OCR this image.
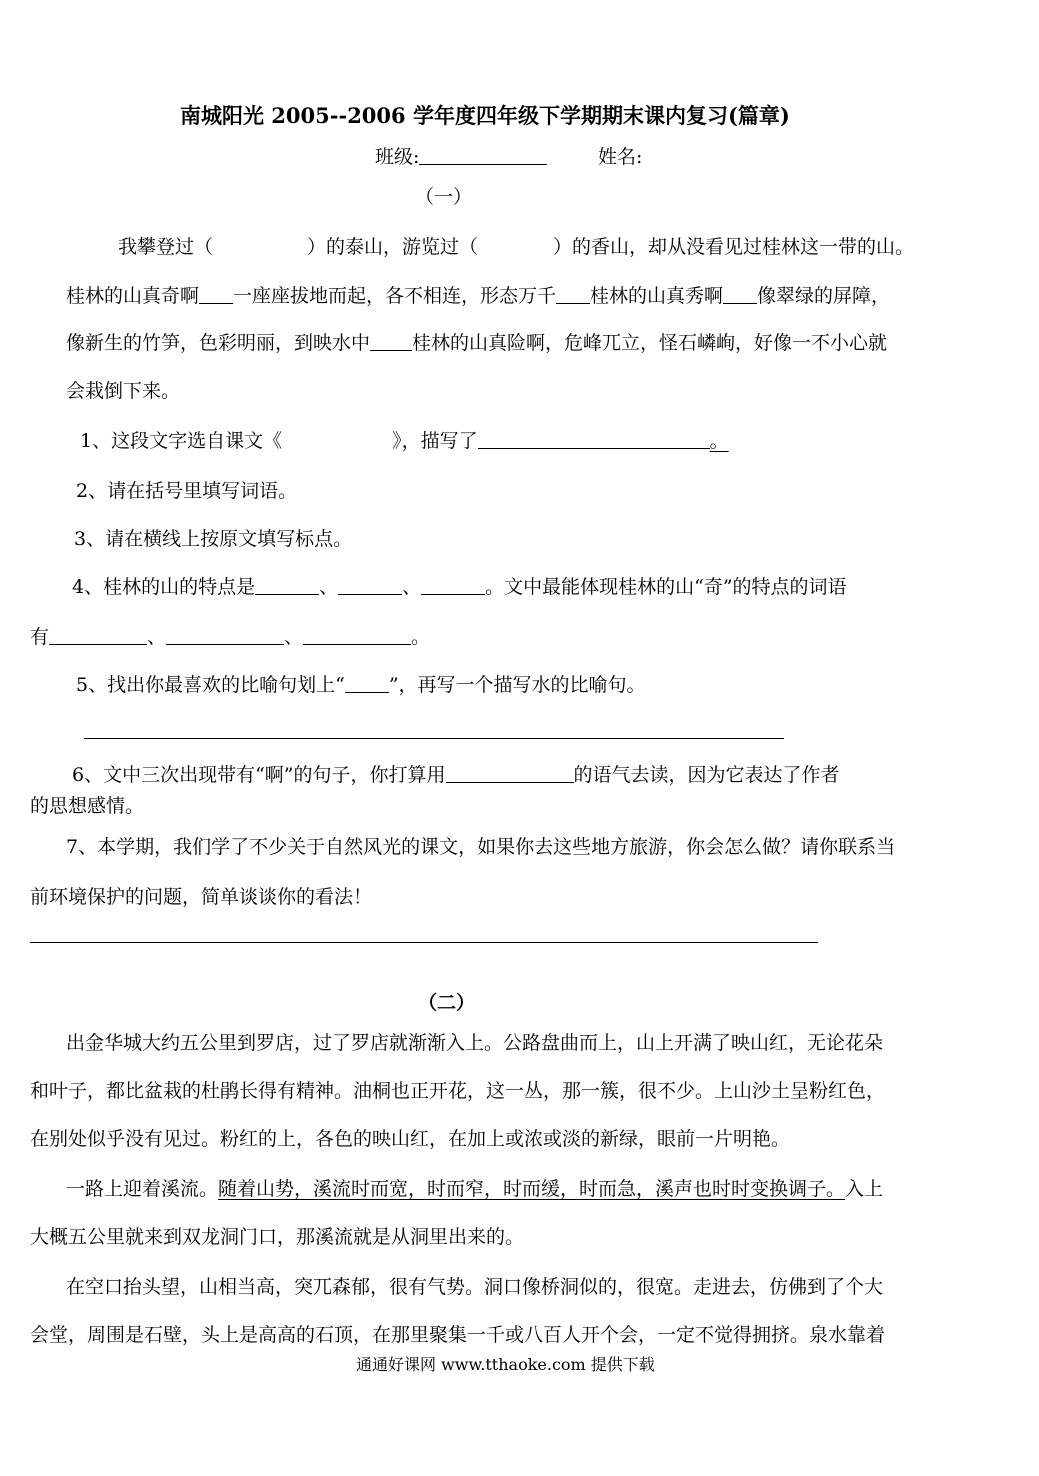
南城阳光 2005--2006 学年度四年级下学期期末课内复习(篇章)
班级:	姓名:
（一）
我攀登过（	）的泰山，游览过（	）的香山，却从没看见过桂林这一带的山。
桂林的山真奇啊 一座座拔地而起，各不相连，形态万千 桂林的山真秀啊 像翠绿的屏障，
像新生的竹笋，色彩明丽，到映水中 桂林的山真险啊，危峰兀立，怪石嶙峋，好像一不小心就
会栽倒下来。
1、这段文字选自课文《	》，描写了	。
2、请在括号里填写词语。
3、请在横线上按原文填写标点。
4、桂林的山的特点是	、	、	。文中最能体现桂林的山“奇”的特点的词语
有	、	、	。
5、找出你最喜欢的比喻句划上“ ”，再写一个描写水的比喻句。
6、文中三次出现带有“啊”的句子，你打算用	的语气去读，因为它表达了作者
的思想感情。
7、本学期，我们学了不少关于自然风光的课文，如果你去这些地方旅游，你会怎么做？请你联系当
前环境保护的问题，简单谈谈你的看法！
（二）
出金华城大约五公里到罗店，过了罗店就渐渐入上。公路盘曲而上，山上开满了映山红，无论花朵
和叶子，都比盆栽的杜鹃长得有精神。油桐也正开花，这一丛，那一簇，很不少。上山沙土呈粉红色，
在别处似乎没有见过。粉红的上，各色的映山红，在加上或浓或淡的新绿，眼前一片明艳。
一路上迎着溪流。随着山势，溪流时而宽，时而窄，时而缓，时而急，溪声也时时变换调子。入上
大概五公里就来到双龙洞门口，那溪流就是从洞里出来的。
在空口抬头望，山相当高，突兀森郁，很有气势。洞口像桥洞似的，很宽。走进去，仿佛到了个大
会堂，周围是石壁，头上是高高的石顶，在那里聚集一千或八百人开个会，一定不觉得拥挤。泉水靠着
通通好课网 www.tthaoke.com 提供下载
